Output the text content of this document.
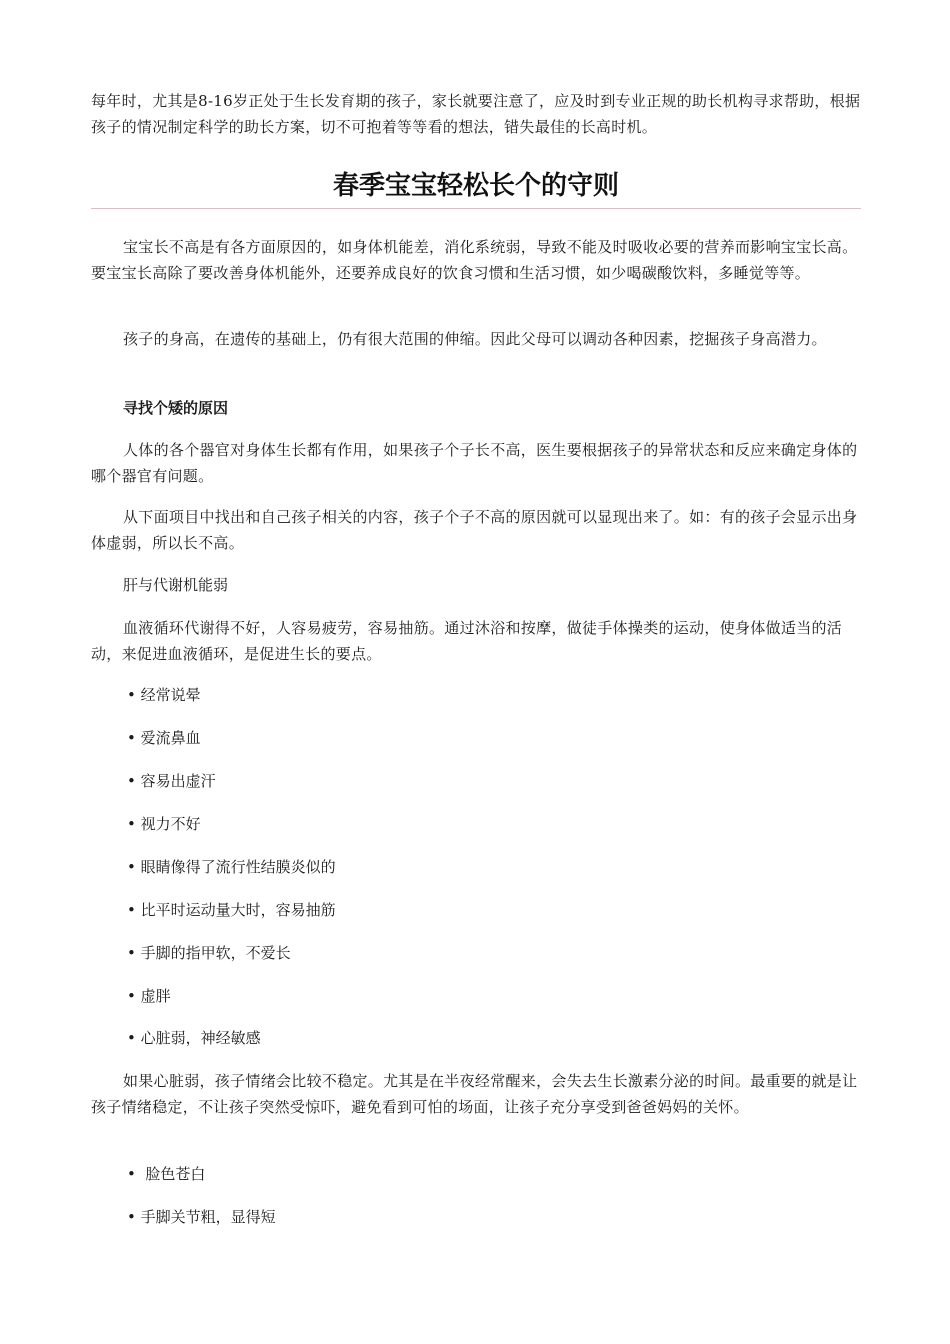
每年时，尤其是8-16岁正处于生长发育期的孩子，家长就要注意了，应及时到专业正规的助长机构寻求帮助，根据孩子的情况制定科学的助长方案，切不可抱着等等看的想法，错失最佳的长高时机。

春季宝宝轻松长个的守则

宝宝长不高是有各方面原因的，如身体机能差，消化系统弱，导致不能及时吸收必要的营养而影响宝宝长高。要宝宝长高除了要改善身体机能外，还要养成良好的饮食习惯和生活习惯，如少喝碳酸饮料，多睡觉等等。

孩子的身高，在遗传的基础上，仍有很大范围的伸缩。因此父母可以调动各种因素，挖掘孩子身高潜力。

寻找个矮的原因

人体的各个器官对身体生长都有作用，如果孩子个子长不高，医生要根据孩子的异常状态和反应来确定身体的哪个器官有问题。

从下面项目中找出和自己孩子相关的内容，孩子个子不高的原因就可以显现出来了。如：有的孩子会显示出身体虚弱，所以长不高。

肝与代谢机能弱

血液循环代谢得不好，人容易疲劳，容易抽筋。通过沐浴和按摩，做徒手体操类的运动，使身体做适当的活动，来促进血液循环，是促进生长的要点。

• 经常说晕

• 爱流鼻血

• 容易出虚汗

• 视力不好

• 眼睛像得了流行性结膜炎似的

• 比平时运动量大时，容易抽筋

• 手脚的指甲软，不爱长

• 虚胖

• 心脏弱，神经敏感

如果心脏弱，孩子情绪会比较不稳定。尤其是在半夜经常醒来，会失去生长激素分泌的时间。最重要的就是让孩子情绪稳定，不让孩子突然受惊吓，避免看到可怕的场面，让孩子充分享受到爸爸妈妈的关怀。

•  脸色苍白

• 手脚关节粗，显得短
